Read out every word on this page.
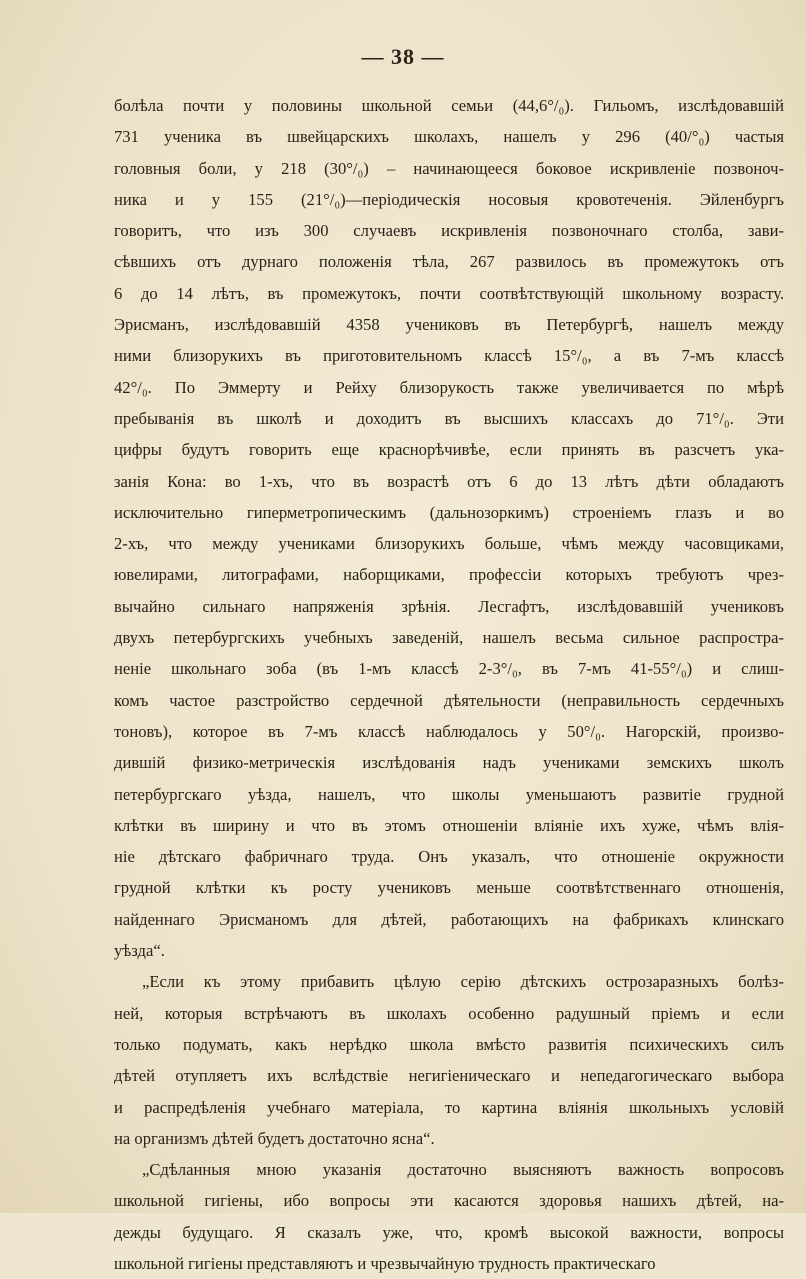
— 38 —
болѣла почти у половины школьной семьи (44,6°/₀). Гильомъ, изслѣдовавшій
731 ученика въ швейцарскихъ школахъ, нашелъ у 296 (40/°₀) частыя
головныя боли, у 218 (30°/₀) – начинающееся боковое искривленіе позвоноч-
ника и у 155 (21°/₀)—періодическія носовыя кровотеченія. Эйленбургъ
говоритъ, что изъ 300 случаевъ искривленія позвоночнаго столба, зави-
сѣвшихъ отъ дурнаго положенія тѣла, 267 развилось въ промежутокъ отъ
6 до 14 лѣтъ, въ промежутокъ, почти соотвѣтствующій школьному возрасту.
Эрисманъ, изслѣдовавшій 4358 учениковъ въ Петербургѣ, нашелъ между
ними близорукихъ въ приготовительномъ классѣ 15°/₀, а въ 7-мъ классѣ
42°/₀. По Эммерту и Рейху близорукость также увеличивается по мѣрѣ
пребыванія въ школѣ и доходитъ въ высшихъ классахъ до 71°/₀. Эти
цифры будутъ говорить еще краснорѣчивѣе, если принять въ разсчетъ ука-
занія Кона: во 1-хъ, что въ возрастѣ отъ 6 до 13 лѣтъ дѣти обладаютъ
исключительно гиперметропическимъ (дальнозоркимъ) строеніемъ глазъ и во
2-хъ, что между учениками близорукихъ больше, чѣмъ между часовщиками,
ювелирами, литографами, наборщиками, профессіи которыхъ требуютъ чрез-
вычайно сильнаго напряженія зрѣнія. Лесгафтъ, изслѣдовавшій учениковъ
двухъ петербургскихъ учебныхъ заведеній, нашелъ весьма сильное распростра-
неніе школьнаго зоба (въ 1-мъ классѣ 2-3°/₀, въ 7-мъ 41-55°/₀) и слиш-
комъ частое разстройство сердечной дѣятельности (неправильность сердечныхъ
тоновъ), которое въ 7-мъ классѣ наблюдалось у 50°/₀. Нагорскій, произво-
дившій физико-метрическія изслѣдованія надъ учениками земскихъ школъ
петербургскаго уѣзда, нашелъ, что школы уменьшаютъ развитіе грудной
клѣтки въ ширину и что въ этомъ отношеніи вліяніе ихъ хуже, чѣмъ влія-
ніе дѣтскаго фабричнаго труда. Онъ указалъ, что отношеніе окружности
грудной клѣтки къ росту учениковъ меньше соотвѣтственнаго отношенія,
найденнаго Эрисманомъ для дѣтей, работающихъ на фабрикахъ клинскаго
уѣзда“.
„Если къ этому прибавить цѣлую серію дѣтскихъ острозаразныхъ болѣз-
ней, которыя встрѣчаютъ въ школахъ особенно радушный пріемъ и если
только подумать, какъ нерѣдко школа вмѣсто развитія психическихъ силъ
дѣтей отупляетъ ихъ вслѣдствіе негигіеническаго и непедагогическаго выбора
и распредѣленія учебнаго матеріала, то картина вліянія школьныхъ условій
на организмъ дѣтей будетъ достаточно ясна“.
„Сдѣланныя мною указанія достаточно выясняютъ важность вопросовъ
школьной гигіены, ибо вопросы эти касаются здоровья нашихъ дѣтей, на-
дежды будущаго. Я сказалъ уже, что, кромѣ высокой важности, вопросы
школьной гигіены представляютъ и чрезвычайную трудность практическаго
